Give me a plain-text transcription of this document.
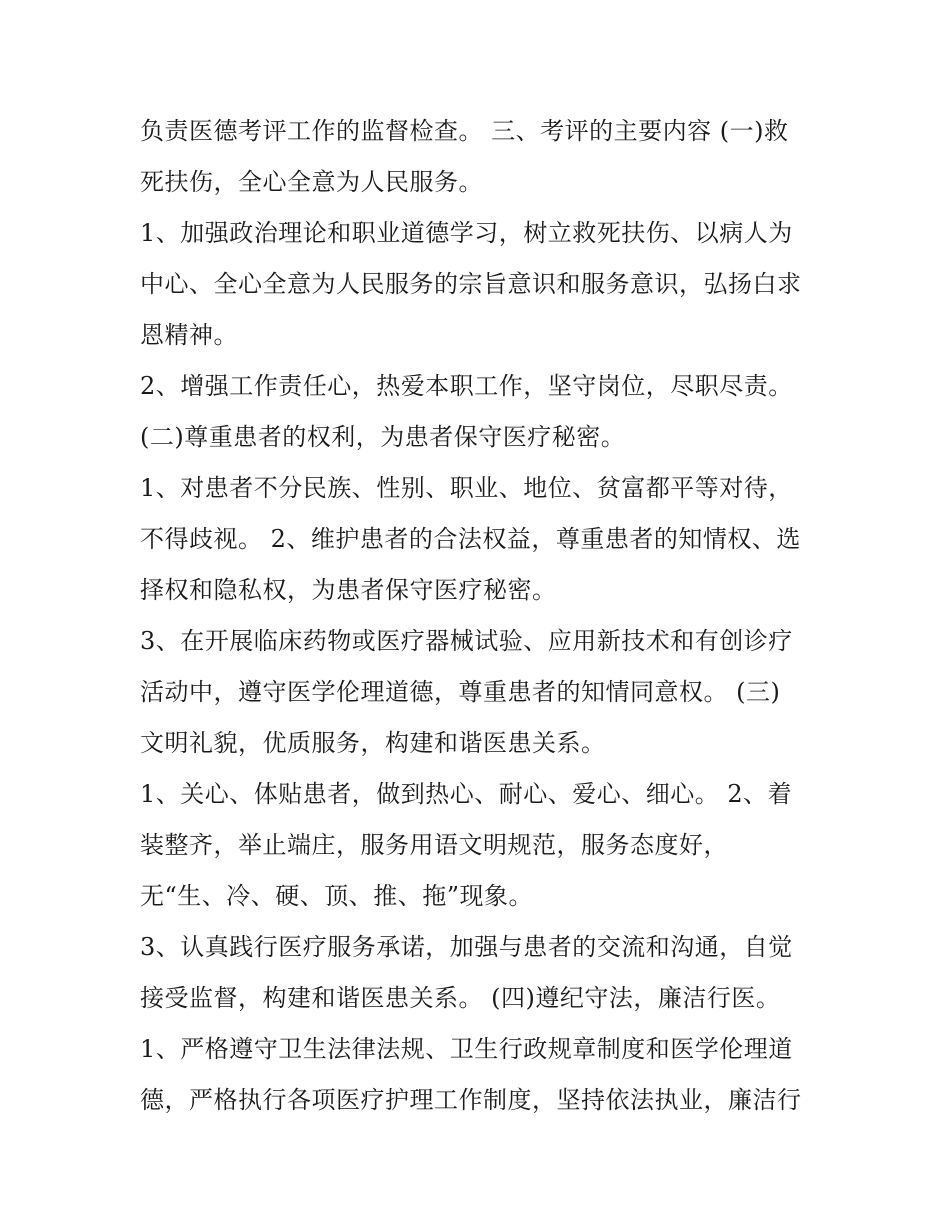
负责医德考评工作的监督检查。 三、考评的主要内容 (一)救
死扶伤，全心全意为人民服务。
1、加强政治理论和职业道德学习，树立救死扶伤、以病人为
中心、全心全意为人民服务的宗旨意识和服务意识，弘扬白求
恩精神。
2、增强工作责任心，热爱本职工作，坚守岗位，尽职尽责。
(二)尊重患者的权利，为患者保守医疗秘密。
1、对患者不分民族、性别、职业、地位、贫富都平等对待，
不得歧视。 2、维护患者的合法权益，尊重患者的知情权、选
择权和隐私权，为患者保守医疗秘密。
3、在开展临床药物或医疗器械试验、应用新技术和有创诊疗
活动中，遵守医学伦理道德，尊重患者的知情同意权。 (三)
文明礼貌，优质服务，构建和谐医患关系。
1、关心、体贴患者，做到热心、耐心、爱心、细心。 2、着
装整齐，举止端庄，服务用语文明规范，服务态度好，
无“生、冷、硬、顶、推、拖”现象。
3、认真践行医疗服务承诺，加强与患者的交流和沟通，自觉
接受监督，构建和谐医患关系。 (四)遵纪守法，廉洁行医。
1、严格遵守卫生法律法规、卫生行政规章制度和医学伦理道
德，严格执行各项医疗护理工作制度，坚持依法执业，廉洁行
